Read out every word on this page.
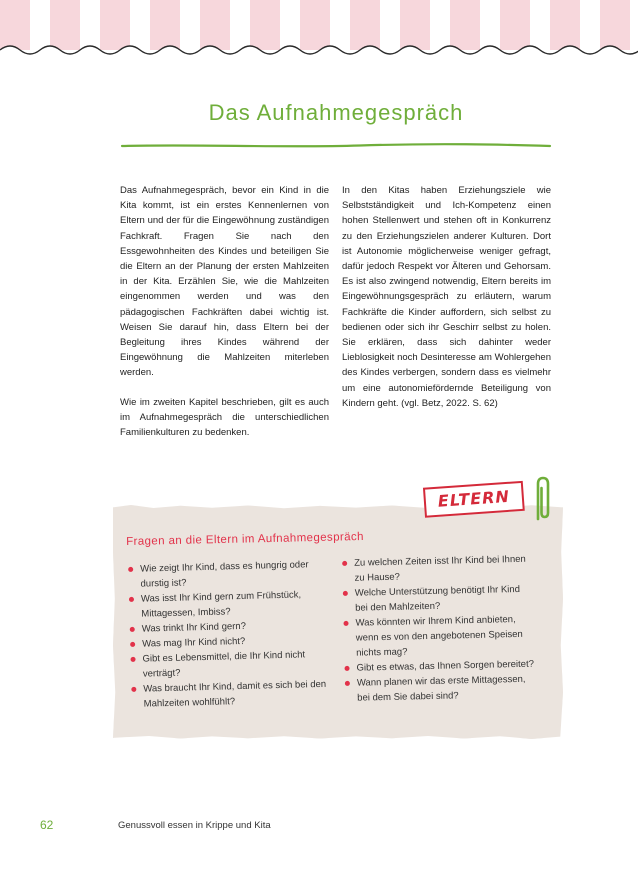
Das Aufnahmegespräch

Das Aufnahmegespräch, bevor ein Kind in die Kita kommt, ist ein erstes Kennenlernen von Eltern und der für die Eingewöhnung zuständigen Fachkraft. Fragen Sie nach den Essgewohnheiten des Kindes und beteiligen Sie die Eltern an der Planung der ersten Mahlzeiten in der Kita. Erzählen Sie, wie die Mahlzeiten eingenommen werden und was den pädagogischen Fachkräften dabei wichtig ist. Weisen Sie darauf hin, dass Eltern bei der Begleitung ihres Kindes während der Eingewöhnung die Mahlzeiten miterleben werden.

Wie im zweiten Kapitel beschrieben, gilt es auch im Aufnahmegespräch die unterschiedlichen Familienkulturen zu bedenken.

In den Kitas haben Erziehungsziele wie Selbstständigkeit und Ich-Kompetenz einen hohen Stellenwert und stehen oft in Konkurrenz zu den Erziehungszielen anderer Kulturen. Dort ist Autonomie möglicherweise weniger gefragt, dafür jedoch Respekt vor Älteren und Gehorsam. Es ist also zwingend notwendig, Eltern bereits im Eingewöhnungsgespräch zu erläutern, warum Fachkräfte die Kinder auffordern, sich selbst zu bedienen oder sich ihr Geschirr selbst zu holen. Sie erklären, dass sich dahinter weder Lieblosigkeit noch Desinteresse am Wohlergehen des Kindes verbergen, sondern dass es vielmehr um eine autonomiefördernde Beteiligung von Kindern geht. (vgl. Betz, 2022. S. 62)

ELTERN
Fragen an die Eltern im Aufnahmegespräch
Wie zeigt Ihr Kind, dass es hungrig oder durstig ist?
Was isst Ihr Kind gern zum Frühstück, Mittagessen, Imbiss?
Was trinkt Ihr Kind gern?
Was mag Ihr Kind nicht?
Gibt es Lebensmittel, die Ihr Kind nicht verträgt?
Was braucht Ihr Kind, damit es sich bei den Mahlzeiten wohlfühlt?
Zu welchen Zeiten isst Ihr Kind bei Ihnen zu Hause?
Welche Unterstützung benötigt Ihr Kind bei den Mahlzeiten?
Was könnten wir Ihrem Kind anbieten, wenn es von den angebotenen Speisen nichts mag?
Gibt es etwas, das Ihnen Sorgen bereitet?
Wann planen wir das erste Mittagessen, bei dem Sie dabei sind?
62	Genussvoll essen in Krippe und Kita
